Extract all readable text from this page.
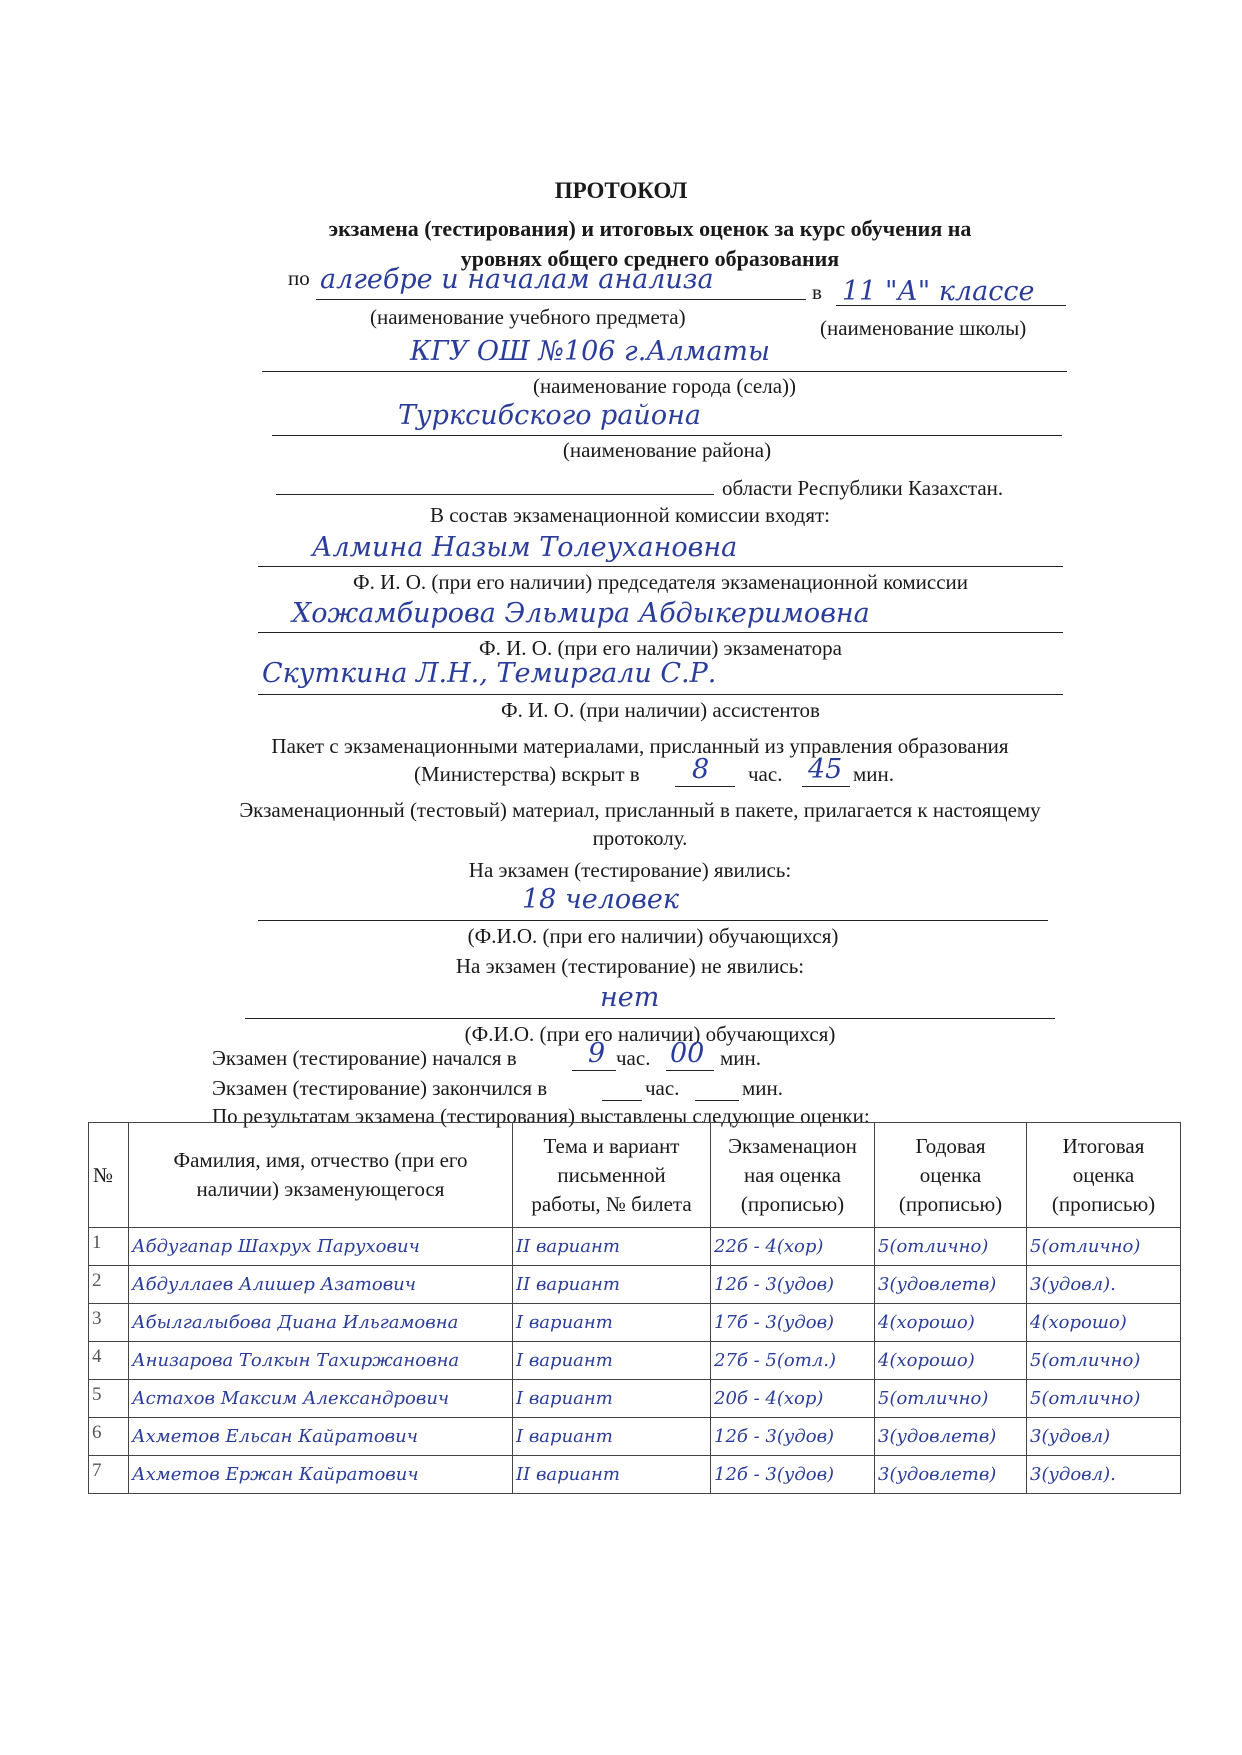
ПРОТОКОЛ
экзамена (тестирования) и итоговых оценок за курс обучения на
уровнях общего среднего образования
по алгебре и началам анализа	в 11 "А" классе
(наименование учебного предмета)	(наименование школы)
КГУ ОШ №106 г.Алматы
(наименование города (села))
Турксибского района
(наименование района)
области Республики Казахстан.
В состав экзаменационной комиссии входят:
Алмина Назым Толеухановна
Ф. И. О. (при его наличии) председателя экзаменационной комиссии
Хожамбирова Эльмира Абдыкеримовна
Ф. И. О. (при его наличии) экзаменатора
Скуткина Л.Н., Темиргали С.Р.
Ф. И. О. (при наличии) ассистентов
Пакет с экзаменационными материалами, присланный из управления образования
(Министерства) вскрыт в 8 час. 45 мин.
Экзаменационный (тестовый) материал, присланный в пакете, прилагается к настоящему
протоколу.
На экзамен (тестирование) явились:
18 человек
(Ф.И.О. (при его наличии) обучающихся)
На экзамен (тестирование) не явились:
нет
(Ф.И.О. (при его наличии) обучающихся)
Экзамен (тестирование) начался в	9 час. 00 мин.
Экзамен (тестирование) закончился в	час.	мин.
По результатам экзамена (тестирования) выставлены следующие оценки:
№	Фамилия, имя, отчество (при его наличии) экзаменующегося	Тема и вариант письменной работы, № билета	Экзаменацион ная оценка (прописью)	Годовая оценка (прописью)	Итоговая оценка (прописью)
1	Абдугапар Шахрух Парухович	II вариант	22б - 4(хор)	5(отлично)	5(отлично)
2	Абдуллаев Алишер Азатович	II вариант	12б - 3(удов)	3(удовлетв)	3(удовл).
3	Абылгалыбова Диана Ильгамовна	I вариант	17б - 3(удов)	4(хорошо)	4(хорошо)
4	Анизарова Толкын Тахиржановна	I вариант	27б - 5(отл.)	4(хорошо)	5(отлично)
5	Астахов Максим Александрович	I вариант	20б - 4(хор)	5(отлично)	5(отлично)
6	Ахметов Ельсан Кайратович	I вариант	12б - 3(удов)	3(удовлетв)	3(удовл)
7	Ахметов Ержан Кайратович	II вариант	12б - 3(удов)	3(удовлетв)	3(удовл).
